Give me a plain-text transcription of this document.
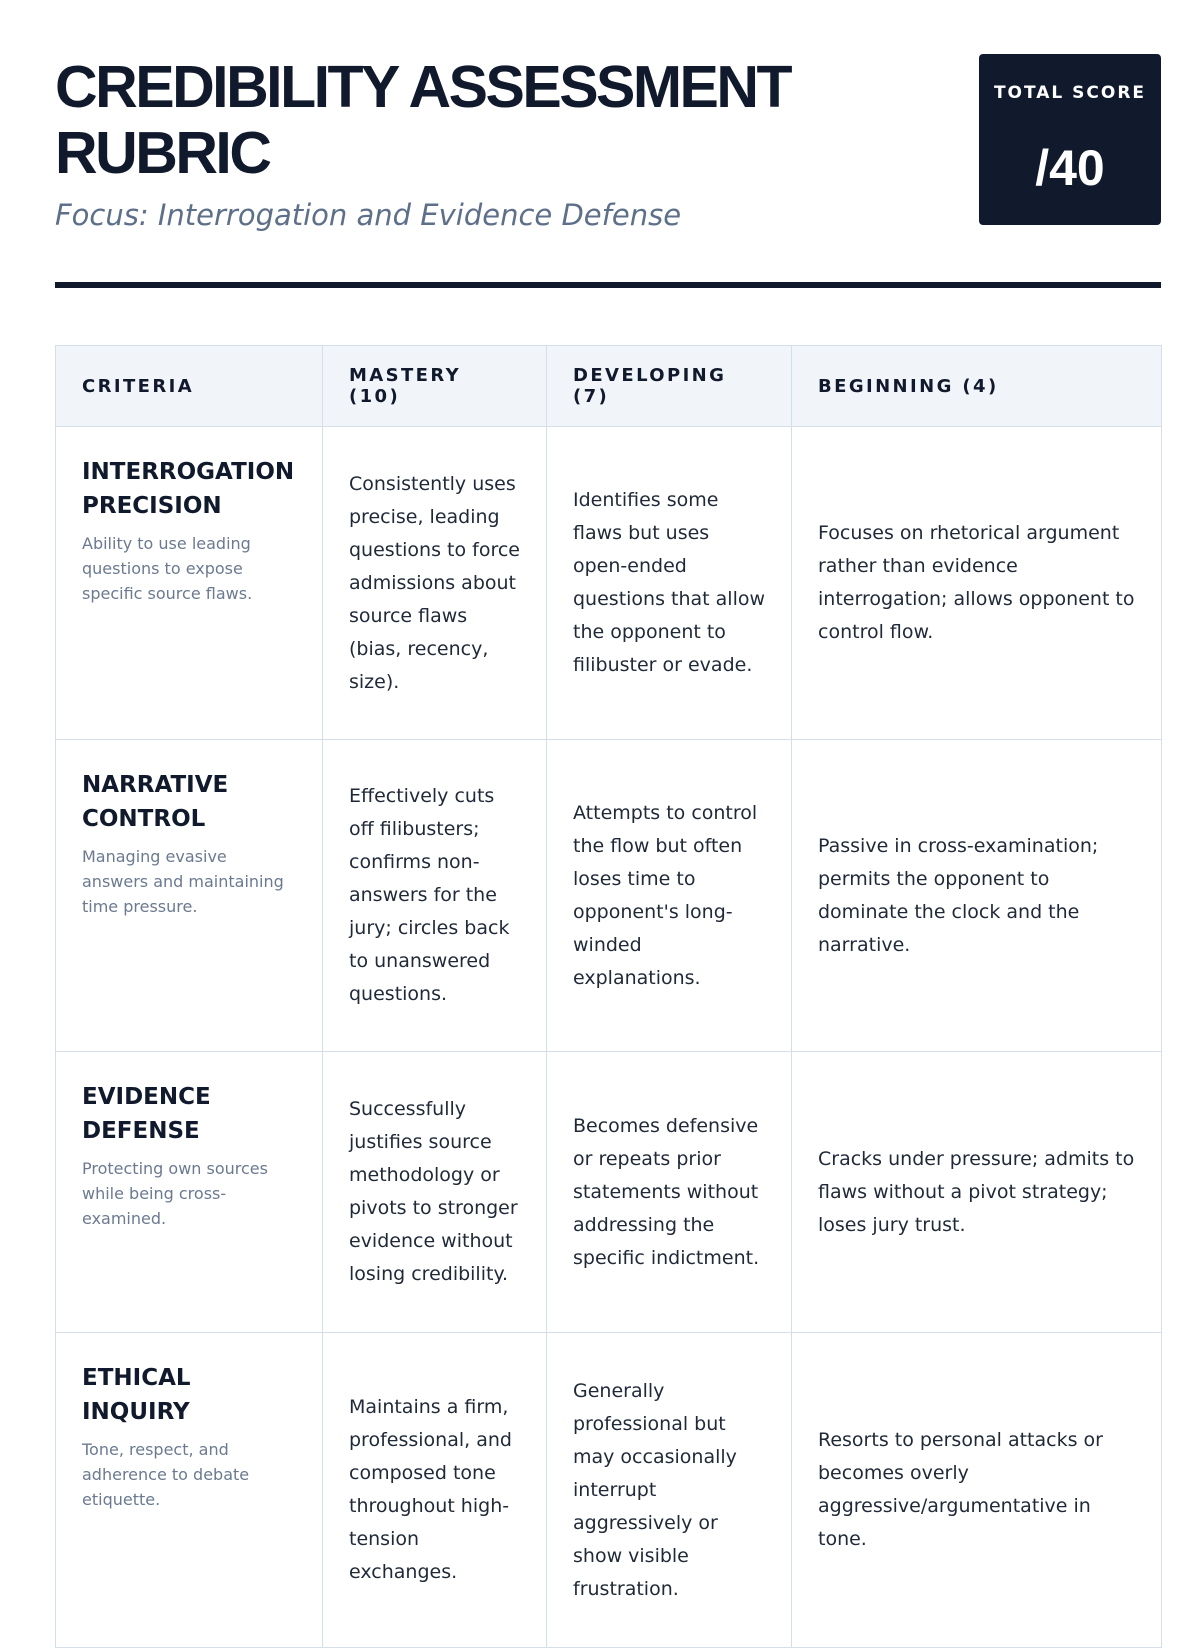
CREDIBILITY ASSESSMENT RUBRIC
Focus: Interrogation and Evidence Defense
TOTAL SCORE
/40
CRITERIA	MASTERY (10)	DEVELOPING (7)	BEGINNING (4)

INTERROGATION PRECISION
Ability to use leading questions to expose specific source flaws.	Consistently uses precise, leading questions to force admissions about source flaws (bias, recency, size).	Identifies some flaws but uses open-ended questions that allow the opponent to filibuster or evade.	Focuses on rhetorical argument rather than evidence interrogation; allows opponent to control flow.

NARRATIVE CONTROL
Managing evasive answers and maintaining time pressure.	Effectively cuts off filibusters; confirms non-answers for the jury; circles back to unanswered questions.	Attempts to control the flow but often loses time to opponent's long-winded explanations.	Passive in cross-examination; permits the opponent to dominate the clock and the narrative.

EVIDENCE DEFENSE
Protecting own sources while being cross-examined.	Successfully justifies source methodology or pivots to stronger evidence without losing credibility.	Becomes defensive or repeats prior statements without addressing the specific indictment.	Cracks under pressure; admits to flaws without a pivot strategy; loses jury trust.

ETHICAL INQUIRY
Tone, respect, and adherence to debate etiquette.	Maintains a firm, professional, and composed tone throughout high-tension exchanges.	Generally professional but may occasionally interrupt aggressively or show visible frustration.	Resorts to personal attacks or becomes overly aggressive/argumentative in tone.
